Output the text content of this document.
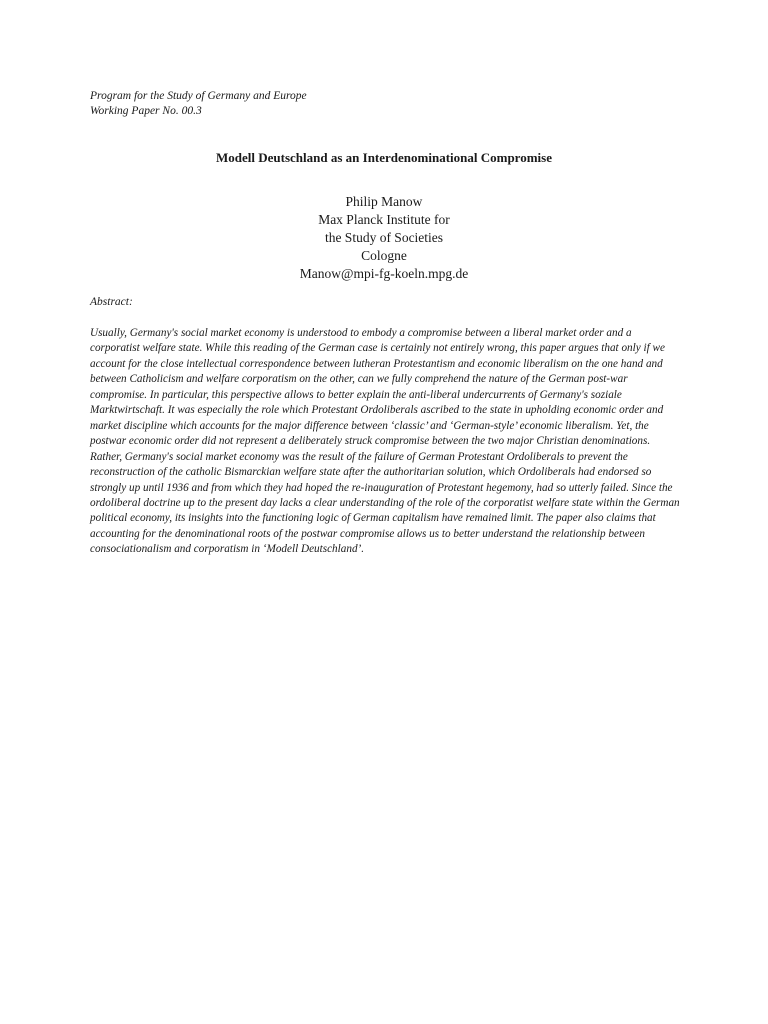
Program for the Study of Germany and Europe
Working Paper No. 00.3
Modell Deutschland as an Interdenominational Compromise
Philip Manow
Max Planck Institute for
the Study of Societies
Cologne
Manow@mpi-fg-koeln.mpg.de
Abstract:
Usually, Germany's social market economy is understood to embody a compromise between a liberal market order and a
corporatist welfare state. While this reading of the German case is certainly not entirely wrong, this paper argues that only if we
account for the close intellectual correspondence between lutheran Protestantism and economic liberalism on the one hand and
between Catholicism and welfare corporatism on the other, can we fully comprehend the nature of the German post-war
compromise. In particular, this perspective allows to better explain the anti-liberal undercurrents of Germany's soziale
Marktwirtschaft. It was especially the role which Protestant Ordoliberals ascribed to the state in upholding economic order and
market discipline which accounts for the major difference between ‘classic’ and ‘German-style’ economic liberalism. Yet, the
postwar economic order did not represent a deliberately struck compromise between the two major Christian denominations.
Rather, Germany's social market economy was the result of the failure of German Protestant Ordoliberals to prevent the
reconstruction of the catholic Bismarckian welfare state after the authoritarian solution, which Ordoliberals had endorsed so
strongly up until 1936 and from which they had hoped the re-inauguration of Protestant hegemony, had so utterly failed. Since the
ordoliberal doctrine up to the present day lacks a clear understanding of the role of the corporatist welfare state within the German
political economy, its insights into the functioning logic of German capitalism have remained limit. The paper also claims that
accounting for the denominational roots of the postwar compromise allows us to better understand the relationship between
consociationalism and corporatism in ‘Modell Deutschland’.
